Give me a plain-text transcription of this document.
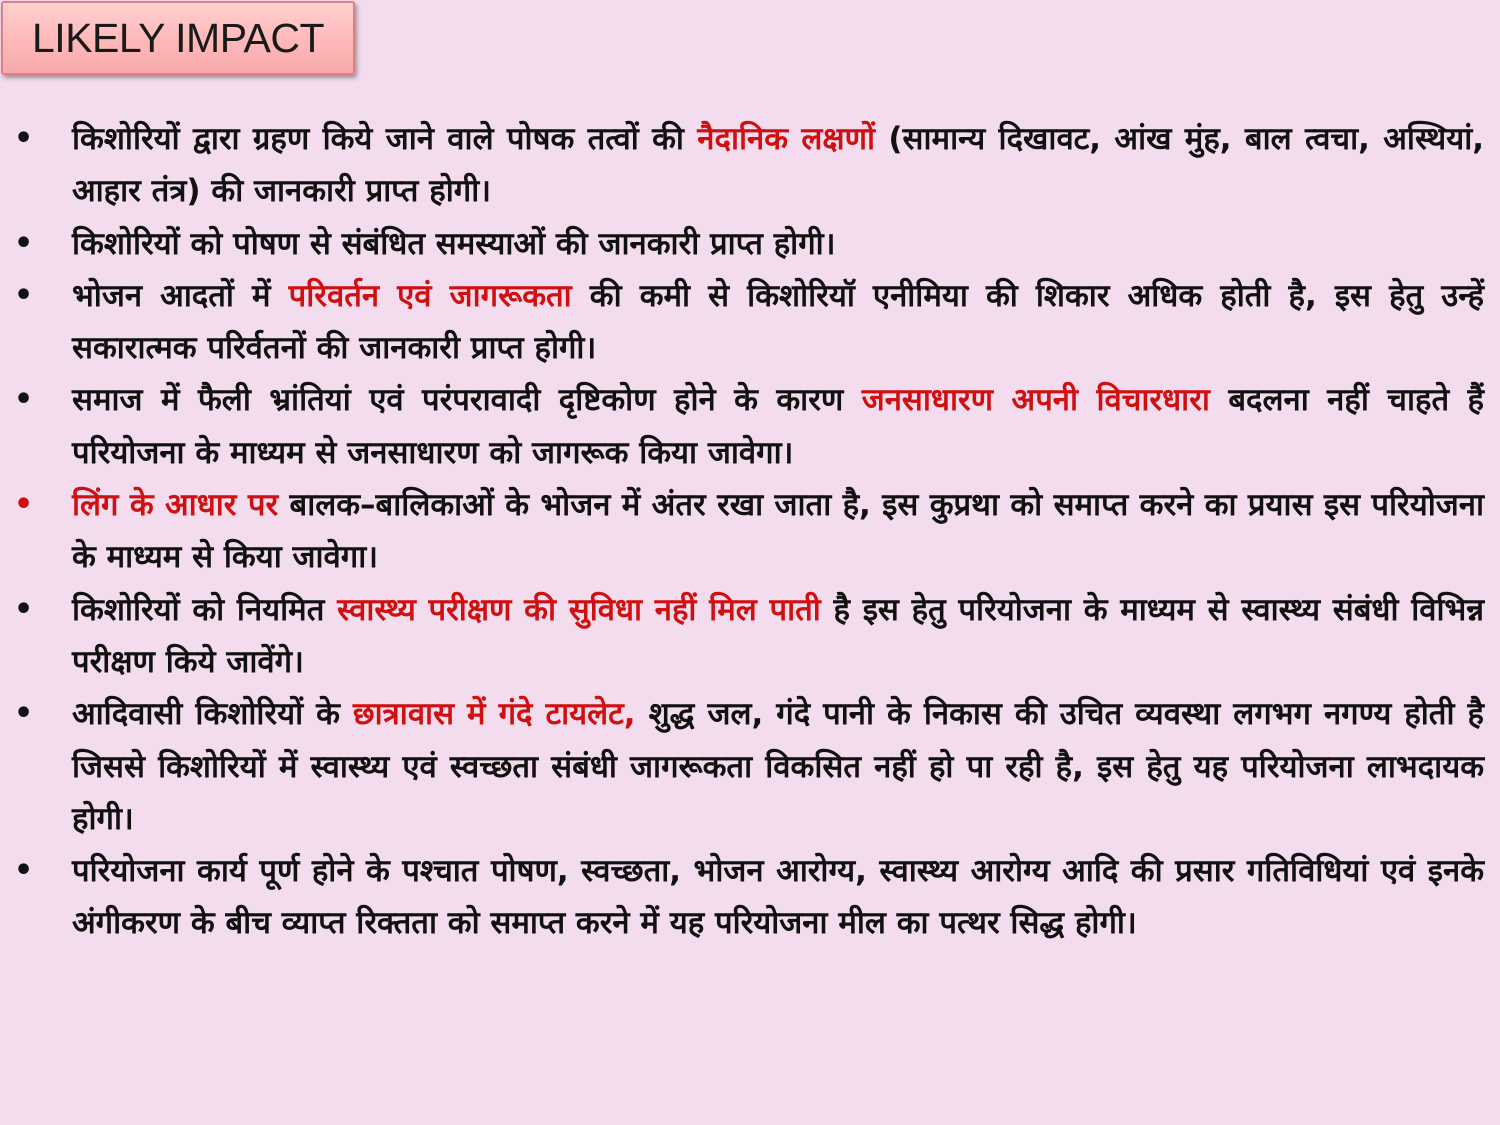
LIKELY IMPACT
• किशोरियों द्वारा ग्रहण किये जाने वाले पोषक तत्वों की नैदानिक लक्षणों (सामान्य दिखावट, आंख मुंह, बाल त्वचा, अस्थियां, आहार तंत्र) की जानकारी प्राप्त होगी।
• किशोरियों को पोषण से संबंधित समस्याओं की जानकारी प्राप्त होगी।
• भोजन आदतों में परिवर्तन एवं जागरूकता की कमी से किशोरियॉ एनीमिया की शिकार अधिक होती है, इस हेतु उन्हें सकारात्मक परिर्वतनों की जानकारी प्राप्त होगी।
• समाज में फैली भ्रांतियां एवं परंपरावादी दृष्टिकोण होने के कारण जनसाधारण अपनी विचारधारा बदलना नहीं चाहते हैं परियोजना के माध्यम से जनसाधारण को जागरूक किया जावेगा।
• लिंग के आधार पर बालक–बालिकाओं के भोजन में अंतर रखा जाता है, इस कुप्रथा को समाप्त करने का प्रयास इस परियोजना के माध्यम से किया जावेगा।
• किशोरियों को नियमित स्वास्थ्य परीक्षण की सुविधा नहीं मिल पाती है इस हेतु परियोजना के माध्यम से स्वास्थ्य संबंधी विभिन्न परीक्षण किये जावेंगे।
• आदिवासी किशोरियों के छात्रावास में गंदे टायलेट, शुद्ध जल, गंदे पानी के निकास की उचित व्यवस्था लगभग नगण्य होती है जिससे किशोरियों में स्वास्थ्य एवं स्वच्छता संबंधी जागरूकता विकसित नहीं हो पा रही है, इस हेतु यह परियोजना लाभदायक होगी।
• परियोजना कार्य पूर्ण होने के पश्चात पोषण, स्वच्छता, भोजन आरोग्य, स्वास्थ्य आरोग्य आदि की प्रसार गतिविधियां एवं इनके अंगीकरण के बीच व्याप्त रिक्तता को समाप्त करने में यह परियोजना मील का पत्थर सिद्ध होगी।
